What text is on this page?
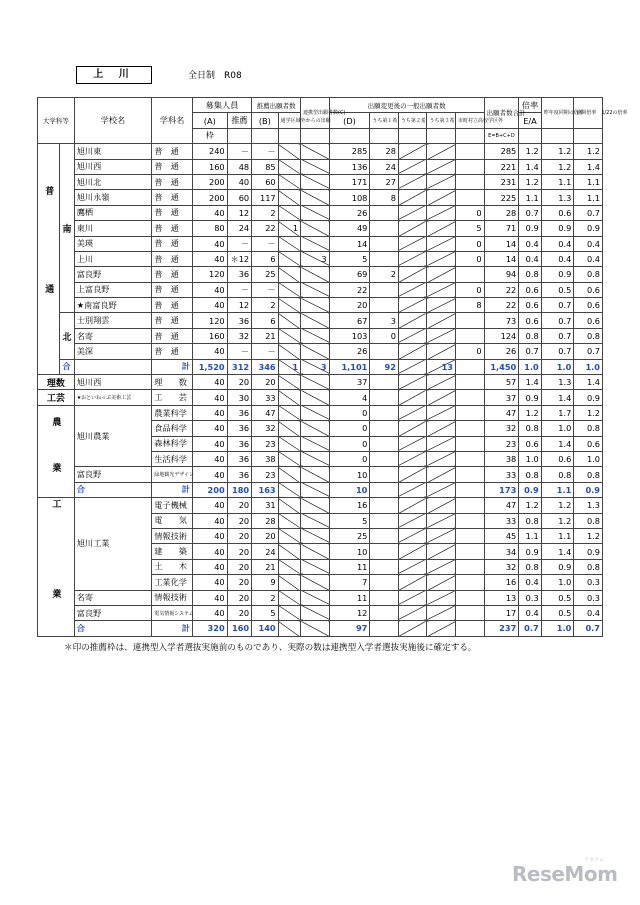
上 川	全日制　R08
大学科等		学校名	学科名	募集人員		推薦出願者数		連携型出願者数(C)	出願変更後の一般出願者数					出願者数合計	倍率	昨年度同期の倍率	前回倍率　1/22の倍率
				(A)	推薦	(B)	通学区域外からの出願		(D)	うち第１希	うち第２希	うち第３希	市町村立高校学区外		E/A		
				枠										E=B+C+D			
普　通	南	旭川東	普　通	240	－	－			285	28				285	1.2	1.2	1.2
		旭川西	普　通	160	48	85			136	24				221	1.4	1.2	1.4
		旭川北	普　通	200	40	60			171	27				231	1.2	1.1	1.1
		旭川永嶺	普　通	200	60	117			108	8				225	1.1	1.3	1.1
		鷹栖	普　通	40	12	2			26				0	28	0.7	0.6	0.7
		東川	普　通	80	24	22	1		49				5	71	0.9	0.9	0.9
		美瑛	普　通	40	－	－			14				0	14	0.4	0.4	0.4
		上川	普　通	40	＊12	6		3	5				0	14	0.4	0.4	0.4
		富良野	普　通	120	36	25			69	2				94	0.8	0.9	0.8
		上富良野	普　通	40	－	－			22				0	22	0.6	0.5	0.6
		★南富良野	普　通	40	12	2			20				8	22	0.6	0.7	0.6
	北	士別翔雲	普　通	120	36	6			67	3				73	0.6	0.7	0.6
		名寄	普　通	160	32	21			103	0				124	0.8	0.7	0.8
		美深	普　通	40	－	－			26				0	26	0.7	0.7	0.7
	合		計	1,520	312	346	1	3	1,101	92		13		1,450	1.0	1.0	1.0
理数		旭川西	理　　数	40	20	20			37					57	1.4	1.3	1.4
工芸		★おといねっぷ美術工芸	工　　芸	40	30	33			4					37	0.9	1.4	0.9
農　業		旭川農業	農業科学	40	36	47			0					47	1.2	1.7	1.2
			食品科学	40	36	32			0					32	0.8	1.0	0.8
			森林科学	40	36	23			0					23	0.6	1.4	0.6
			生活科学	40	36	38			0					38	1.0	0.6	1.0
		富良野	緑地観光デザイン	40	36	23			10					33	0.8	0.8	0.8
		合	計	200	180	163			10					173	0.9	1.1	0.9
工　業		旭川工業	電子機械	40	20	31			16					47	1.2	1.2	1.3
			電　　気	40	20	28			5					33	0.8	1.2	0.8
			情報技術	40	20	20			25					45	1.1	1.1	1.2
			建　　築	40	20	24			10					34	0.9	1.4	0.9
			土　　木	40	20	21			11					32	0.8	0.9	0.8
			工業化学	40	20	9			7					16	0.4	1.0	0.3
		名寄	情報技術	40	20	2			11					13	0.3	0.5	0.3
		富良野	電気情報システム	40	20	5			12					17	0.4	0.5	0.4
		合	計	320	160	140			97					237	0.7	1.0	0.7
＊印の推薦枠は、連携型入学者選抜実施前のものであり、実際の数は連携型入学者選抜実施後に確定する。
ReseMom
リセマム
